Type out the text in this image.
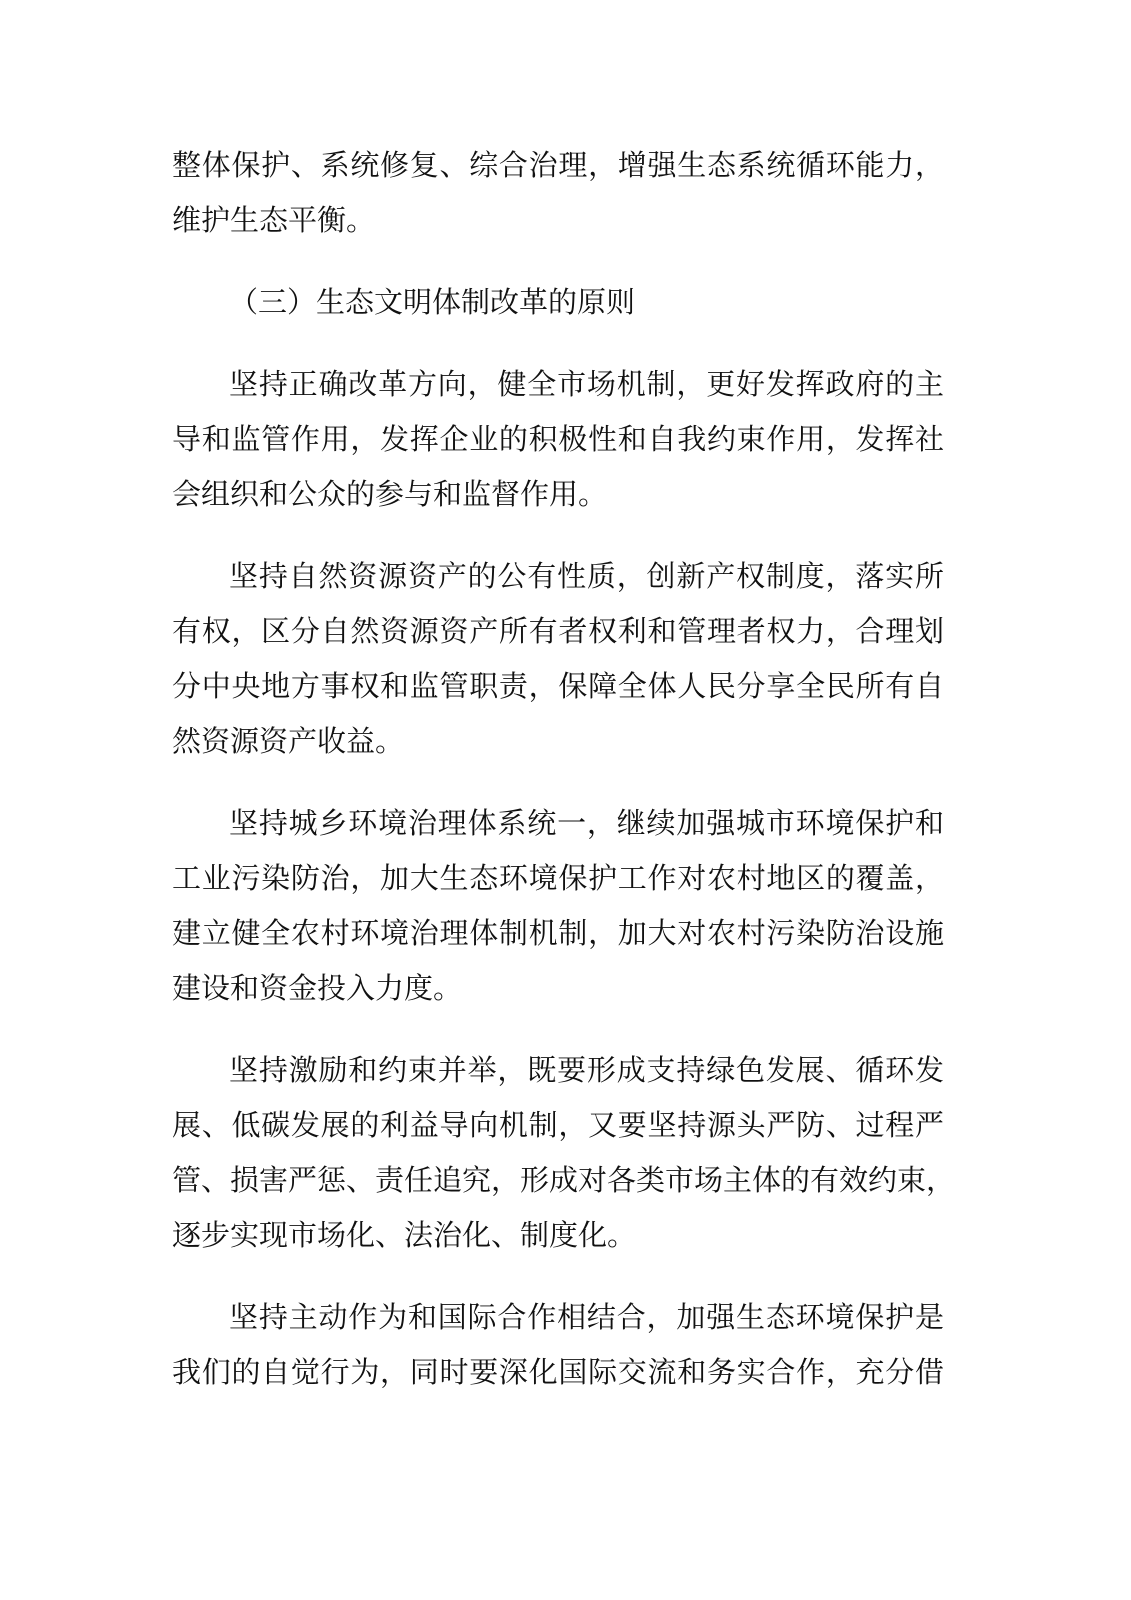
整体保护、系统修复、综合治理，增强生态系统循环能力，
维护生态平衡。
（三）生态文明体制改革的原则
坚持正确改革方向，健全市场机制，更好发挥政府的主
导和监管作用，发挥企业的积极性和自我约束作用，发挥社
会组织和公众的参与和监督作用。
坚持自然资源资产的公有性质，创新产权制度，落实所
有权，区分自然资源资产所有者权利和管理者权力，合理划
分中央地方事权和监管职责，保障全体人民分享全民所有自
然资源资产收益。
坚持城乡环境治理体系统一，继续加强城市环境保护和
工业污染防治，加大生态环境保护工作对农村地区的覆盖，
建立健全农村环境治理体制机制，加大对农村污染防治设施
建设和资金投入力度。
坚持激励和约束并举，既要形成支持绿色发展、循环发
展、低碳发展的利益导向机制，又要坚持源头严防、过程严
管、损害严惩、责任追究，形成对各类市场主体的有效约束，
逐步实现市场化、法治化、制度化。
坚持主动作为和国际合作相结合，加强生态环境保护是
我们的自觉行为，同时要深化国际交流和务实合作，充分借
